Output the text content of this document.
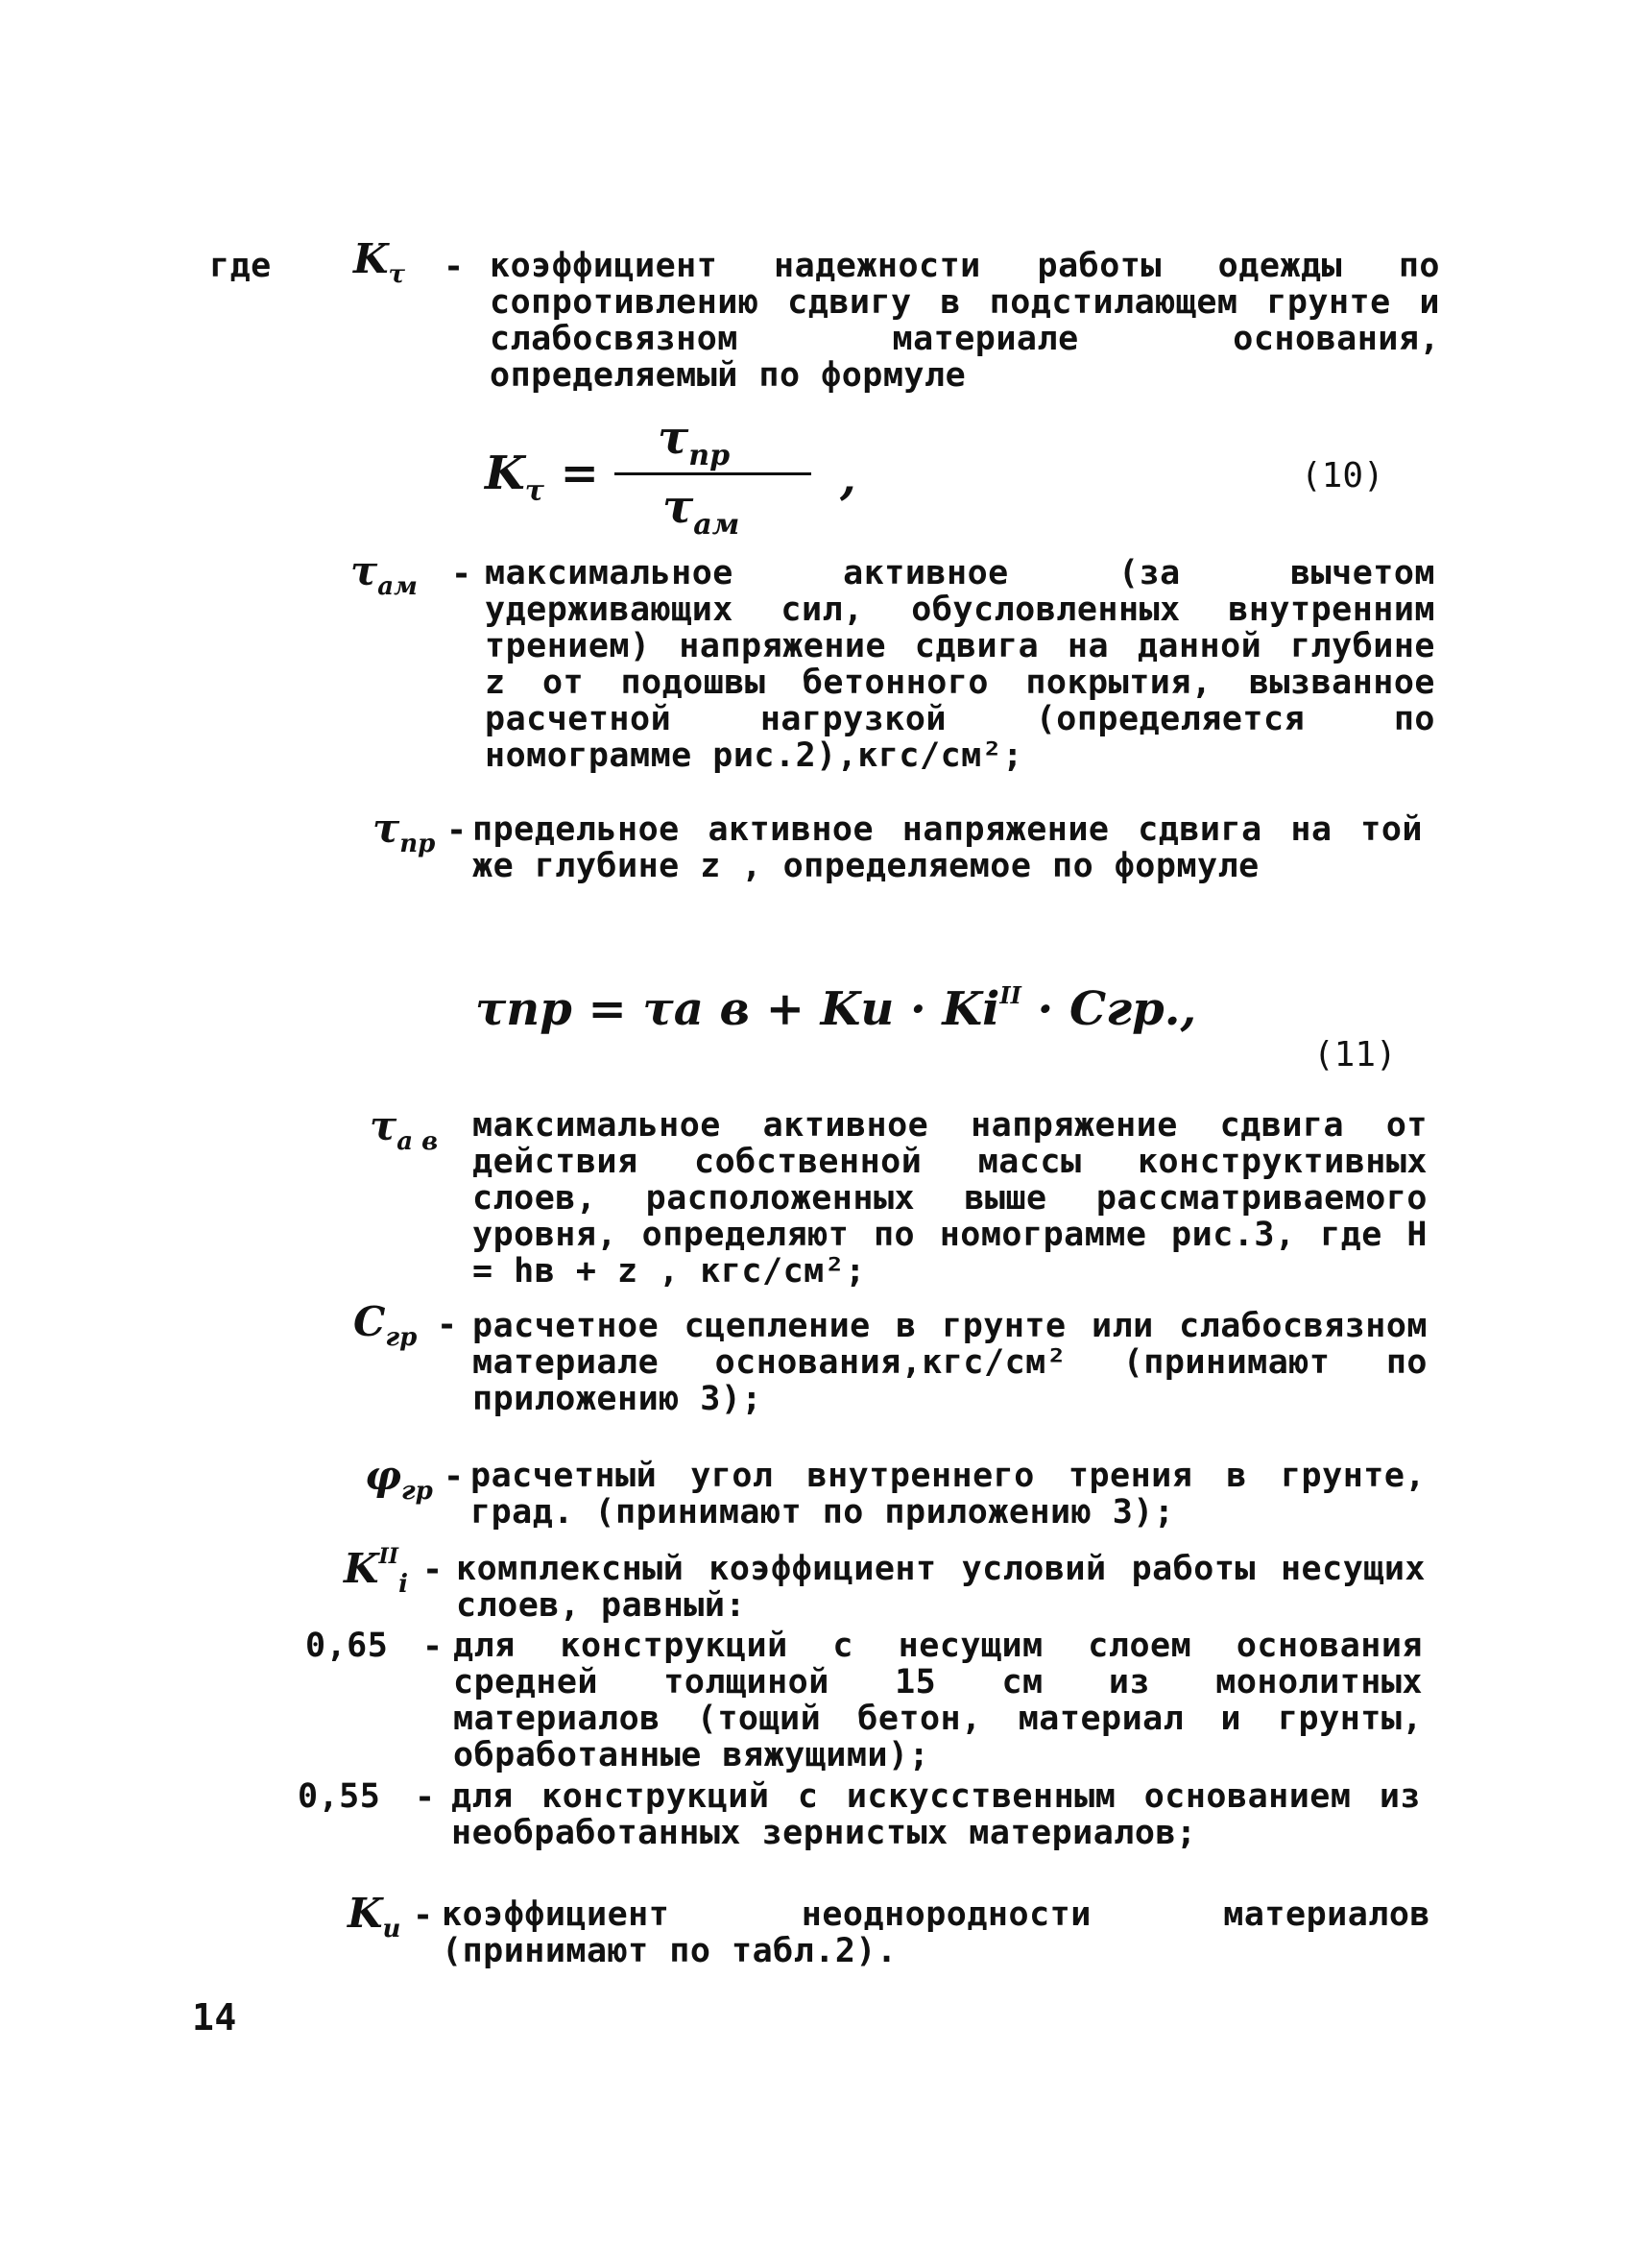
где $K_\tau$ - коэффициент надежности работы одежды по сопротивлению сдвигу в подстилающем грунте и слабосвязном материале основания, определяемый по формуле
$K_\tau$ =
$\tau_{пр}$
$\tau_{ам}$
,	(10)
$\tau_{ам}$ - максимальное активное (за вычетом удерживающих сил, обусловленных внутренним трением) напряжение сдвига на данной глубине z от подошвы бетонного покрытия, вызванное расчетной нагрузкой (определяется по номограмме рис.2),кгс/см²;
$\tau_{пр}$ - предельное активное напряжение сдвига на той же глубине z , определяемое по формуле
τпр = τа в + Kи · $Ki^{II}$ · Cгр.,
(11)
$\tau_{а в}$ максимальное активное напряжение сдвига от действия собственной массы конструктивных слоев, расположенных выше рассматриваемого уровня, определяют по номограмме рис.3, где H = hв + z , кгс/см²;
$C_{гр}$ - расчетное сцепление в грунте или слабосвязном материале основания,кгс/см² (принимают по приложению 3);
$\varphi_{гр}$ - расчетный угол внутреннего трения в грунте, град. (принимают по приложению 3);
$K^{II}_i$ - комплексный коэффициент условий работы несущих слоев, равный:
0,65 - для конструкций с несущим слоем основания средней толщиной 15 см из монолитных материалов (тощий бетон, материал и грунты, обработанные вяжущими);
0,55 - для конструкций с искусственным основанием из необработанных зернистых материалов;
$K_и$ - коэффициент неоднородности материалов (принимают по табл.2).
14
